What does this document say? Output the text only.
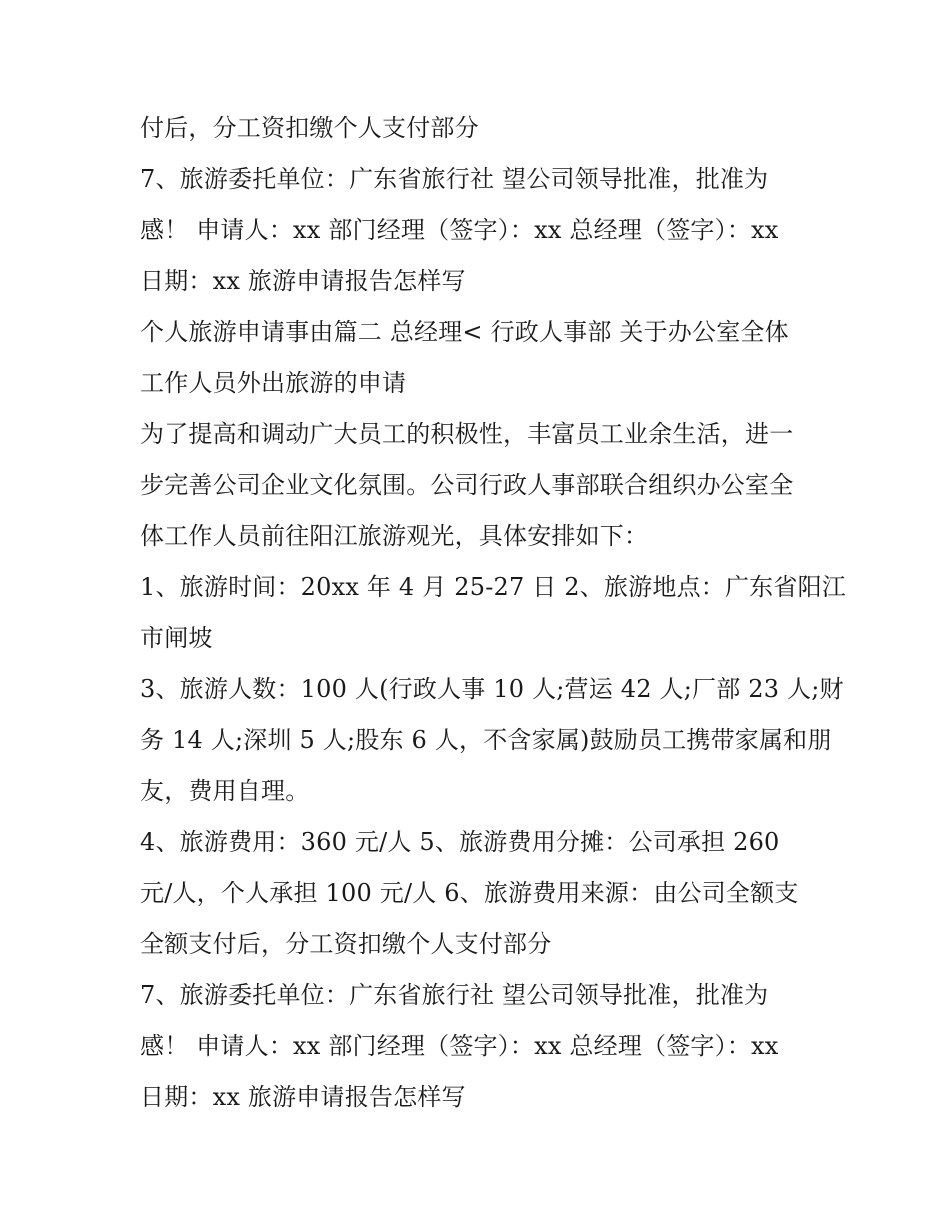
付后，分工资扣缴个人支付部分
7、旅游委托单位：广东省旅行社 望公司领导批准，批准为
感！ 申请人：xx 部门经理（签字）：xx 总经理（签字）：xx
日期：xx 旅游申请报告怎样写
个人旅游申请事由篇二 总经理< 行政人事部 关于办公室全体
工作人员外出旅游的申请
为了提高和调动广大员工的积极性，丰富员工业余生活，进一
步完善公司企业文化氛围。公司行政人事部联合组织办公室全
体工作人员前往阳江旅游观光，具体安排如下：
1、旅游时间：20xx 年 4 月 25-27 日 2、旅游地点：广东省阳江
市闸坡
3、旅游人数：100 人(行政人事 10 人;营运 42 人;厂部 23 人;财
务 14 人;深圳 5 人;股东 6 人，不含家属)鼓励员工携带家属和朋
友，费用自理。
4、旅游费用：360 元/人 5、旅游费用分摊：公司承担 260
元/人，个人承担 100 元/人 6、旅游费用来源：由公司全额支
全额支付后，分工资扣缴个人支付部分
7、旅游委托单位：广东省旅行社 望公司领导批准，批准为
感！ 申请人：xx 部门经理（签字）：xx 总经理（签字）：xx
日期：xx 旅游申请报告怎样写
